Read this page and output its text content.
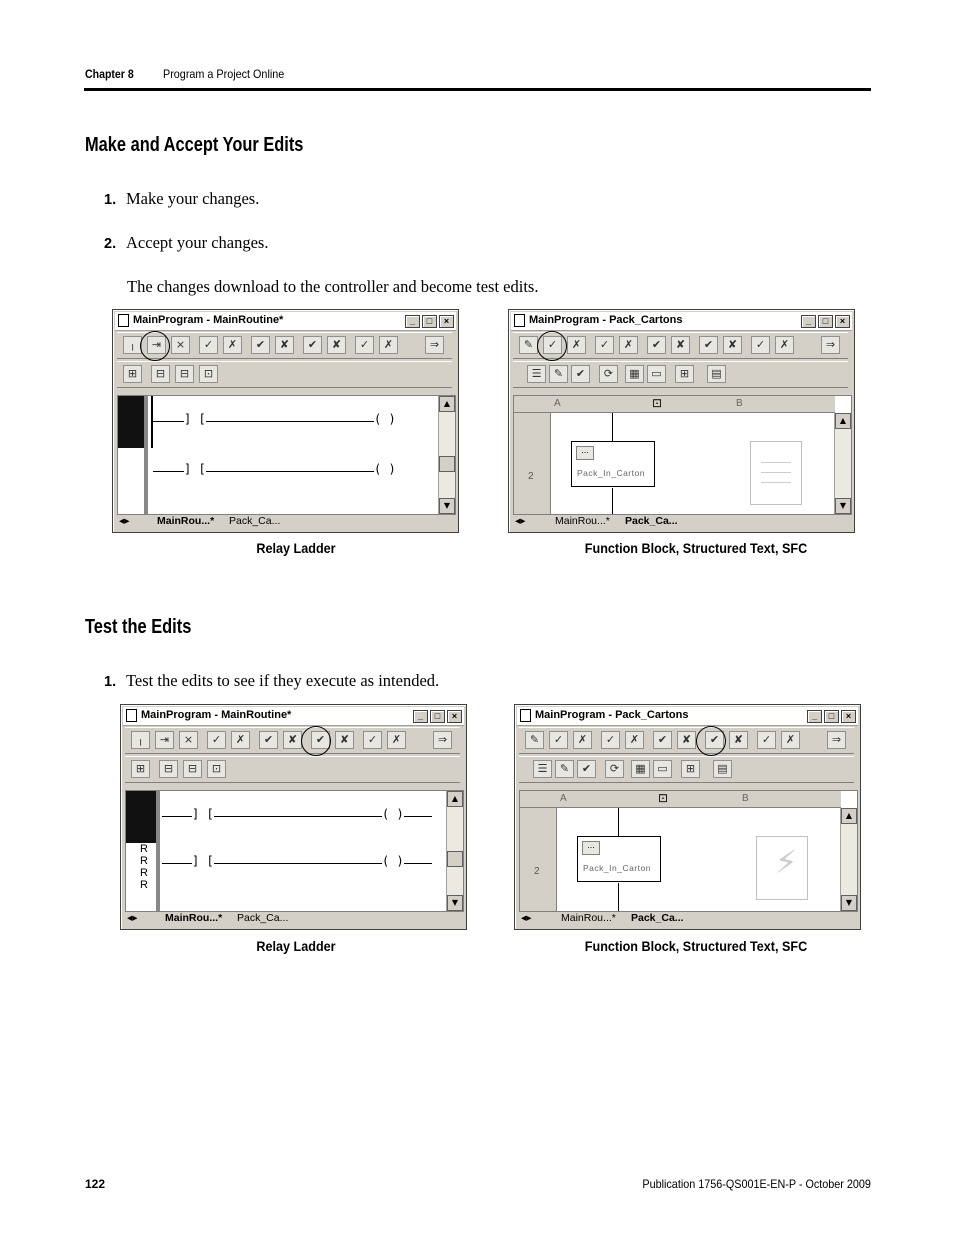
Chapter 8 Program a Project Online
Make and Accept Your Edits
1. Make your changes.
2. Accept your changes.
The changes download to the controller and become test edits.
MainProgram - MainRoutine*	_	□	×
╷	⇥	⨯	✓	✗	✔	✘	✔	✘	✓	✗	⇒
⊞	⊟	⊟	⊡
] [	( )
] [	( )
▲
▼
◂▸	MainRou...* Pack_Ca...
MainProgram - Pack_Cartons	_	□	×
✎	✓	✗	✓	✗	✔	✘	✔	✘	✓	✗	⇒
☰	✎	✔	⟳	▦	▭	⊞	▤
A	⊡	B
2
...
Pack_In_Carton
▲
▼
◂▸	MainRou...* Pack_Ca...
Relay Ladder	Function Block, Structured Text, SFC
Test the Edits
1. Test the edits to see if they execute as intended.
MainProgram - MainRoutine*	_	□	×
╷	⇥	⨯	✓	✗	✔	✘	✔	✘	✓	✗	⇒
⊞	⊟	⊟	⊡
R
R
R
R
] [	( )
] [	( )
▲
▼
◂▸	MainRou...* Pack_Ca...
MainProgram - Pack_Cartons	_	□	×
✎	✓	✗	✓	✗	✔	✘	✔	✘	✓	✗	⇒
☰	✎	✔	⟳	▦	▭	⊞	▤
A	⊡	B
2
...
Pack_In_Carton	⚡
▲
▼
◂▸	MainRou...* Pack_Ca...
Relay Ladder	Function Block, Structured Text, SFC
122	Publication 1756-QS001E-EN-P - October 2009
